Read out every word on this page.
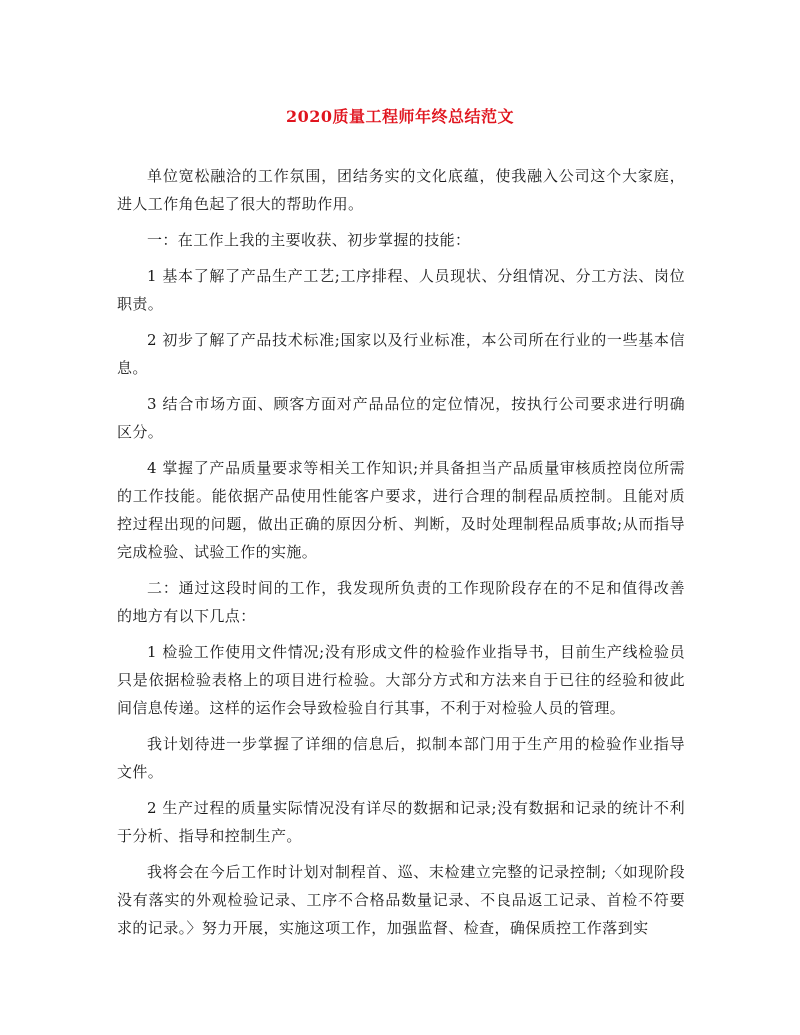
2020质量工程师年终总结范文

单位宽松融洽的工作氛围，团结务实的文化底蕴，使我融入公司这个大家庭，进人工作角色起了很大的帮助作用。

一：在工作上我的主要收获、初步掌握的技能：

1 基本了解了产品生产工艺;工序排程、人员现状、分组情况、分工方法、岗位职责。

2 初步了解了产品技术标准;国家以及行业标准，本公司所在行业的一些基本信息。

3 结合市场方面、顾客方面对产品品位的定位情况，按执行公司要求进行明确区分。

4 掌握了产品质量要求等相关工作知识;并具备担当产品质量审核质控岗位所需的工作技能。能依据产品使用性能客户要求，进行合理的制程品质控制。且能对质控过程出现的问题，做出正确的原因分析、判断，及时处理制程品质事故;从而指导完成检验、试验工作的实施。

二：通过这段时间的工作，我发现所负责的工作现阶段存在的不足和值得改善的地方有以下几点：

1 检验工作使用文件情况;没有形成文件的检验作业指导书，目前生产线检验员只是依据检验表格上的项目进行检验。大部分方式和方法来自于已往的经验和彼此间信息传递。这样的运作会导致检验自行其事，不利于对检验人员的管理。

我计划待进一步掌握了详细的信息后，拟制本部门用于生产用的检验作业指导文件。

2 生产过程的质量实际情况没有详尽的数据和记录;没有数据和记录的统计不利于分析、指导和控制生产。

我将会在今后工作时计划对制程首、巡、末检建立完整的记录控制;〈如现阶段没有落实的外观检验记录、工序不合格品数量记录、不良品返工记录、首检不符要求的记录。〉努力开展，实施这项工作，加强监督、检查，确保质控工作落到实
